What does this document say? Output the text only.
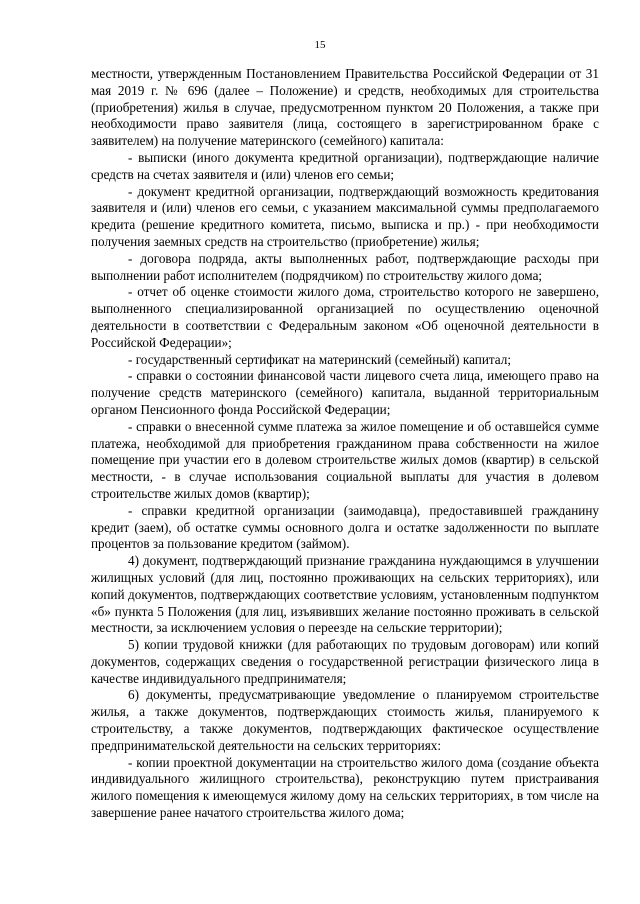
15

местности, утвержденным Постановлением Правительства Российской Федерации от 31 мая 2019 г. № 696 (далее – Положение) и средств, необходимых для строительства (приобретения) жилья в случае, предусмотренном пунктом 20 Положения, а также при необходимости право заявителя (лица, состоящего в зарегистрированном браке с заявителем) на получение материнского (семейного) капитала:

- выписки (иного документа кредитной организации), подтверждающие наличие средств на счетах заявителя и (или) членов его семьи;

- документ кредитной организации, подтверждающий возможность кредитования заявителя и (или) членов его семьи, с указанием максимальной суммы предполагаемого кредита (решение кредитного комитета, письмо, выписка и пр.) - при необходимости получения заемных средств на строительство (приобретение) жилья;

- договора подряда, акты выполненных работ, подтверждающие расходы при выполнении работ исполнителем (подрядчиком) по строительству жилого дома;

- отчет об оценке стоимости жилого дома, строительство которого не завершено, выполненного специализированной организацией по осуществлению оценочной деятельности в соответствии с Федеральным законом «Об оценочной деятельности в Российской Федерации»;

- государственный сертификат на материнский (семейный) капитал;

- справки о состоянии финансовой части лицевого счета лица, имеющего право на получение средств материнского (семейного) капитала, выданной территориальным органом Пенсионного фонда Российской Федерации;

- справки о внесенной сумме платежа за жилое помещение и об оставшейся сумме платежа, необходимой для приобретения гражданином права собственности на жилое помещение при участии его в долевом строительстве жилых домов (квартир) в сельской местности, - в случае использования социальной выплаты для участия в долевом строительстве жилых домов (квартир);

- справки кредитной организации (заимодавца), предоставившей гражданину кредит (заем), об остатке суммы основного долга и остатке задолженности по выплате процентов за пользование кредитом (займом).

4) документ, подтверждающий признание гражданина нуждающимся в улучшении жилищных условий (для лиц, постоянно проживающих на сельских территориях), или копий документов, подтверждающих соответствие условиям, установленным подпунктом «б» пункта 5 Положения (для лиц, изъявивших желание постоянно проживать в сельской местности, за исключением условия о переезде на сельские территории);

5) копии трудовой книжки (для работающих по трудовым договорам) или копий документов, содержащих сведения о государственной регистрации физического лица в качестве индивидуального предпринимателя;

6) документы, предусматривающие уведомление о планируемом строительстве жилья, а также документов, подтверждающих стоимость жилья, планируемого к строительству, а также документов, подтверждающих фактическое осуществление предпринимательской деятельности на сельских территориях:

- копии проектной документации на строительство жилого дома (создание объекта индивидуального жилищного строительства), реконструкцию путем пристраивания жилого помещения к имеющемуся жилому дому на сельских территориях, в том числе на завершение ранее начатого строительства жилого дома;
